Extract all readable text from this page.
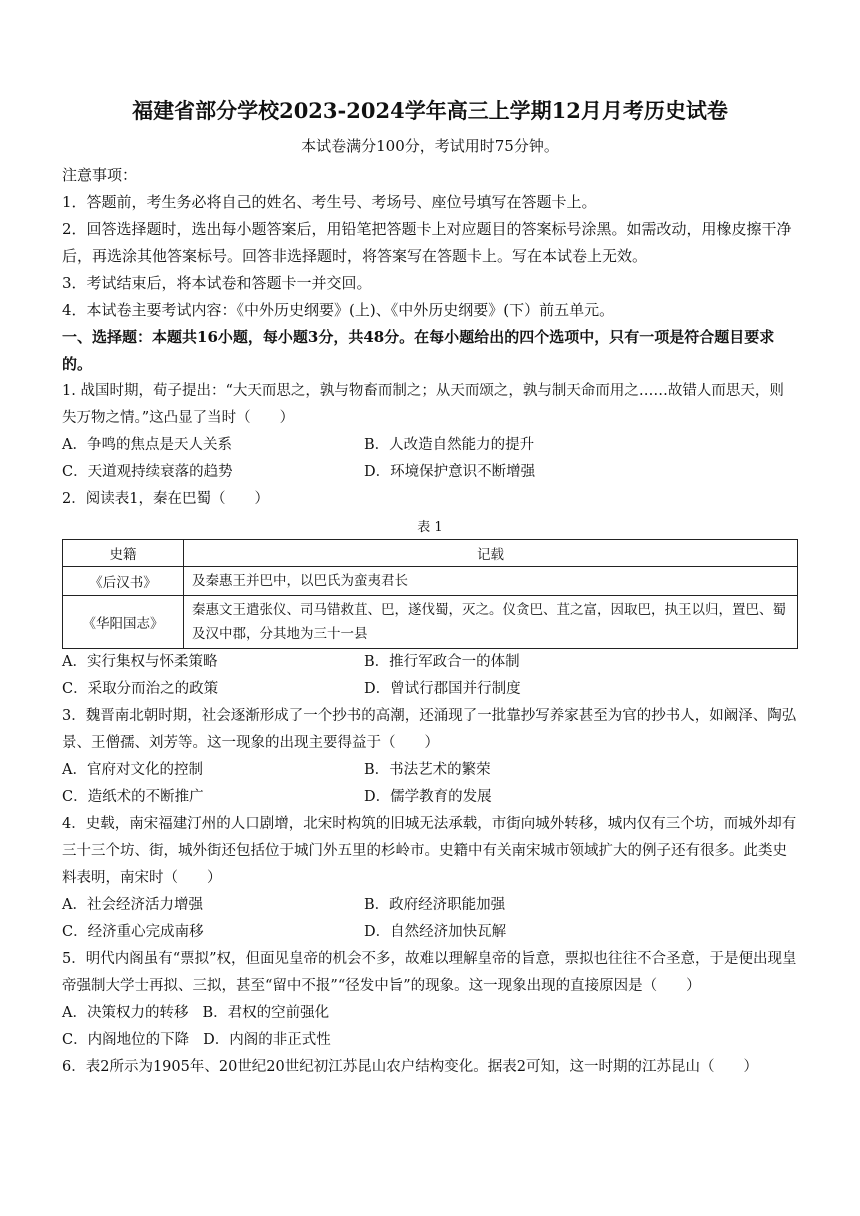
福建省部分学校2023-2024学年高三上学期12月月考历史试卷
本试卷满分100分，考试用时75分钟。

注意事项：

1．答题前，考生务必将自己的姓名、考生号、考场号、座位号填写在答题卡上。

2．回答选择题时，选出每小题答案后，用铅笔把答题卡上对应题目的答案标号涂黑。如需改动，用橡皮擦干净后，再选涂其他答案标号。回答非选择题时，将答案写在答题卡上。写在本试卷上无效。

3．考试结束后，将本试卷和答题卡一并交回。

4．本试卷主要考试内容：《中外历史纲要》(上)、《中外历史纲要》(下）前五单元。

一、选择题：本题共16小题，每小题3分，共48分。在每小题给出的四个选项中，只有一项是符合题目要求的。

1. 战国时期，荀子提出：“大天而思之，孰与物畜而制之；从天而颂之，孰与制天命而用之……故错人而思天，则失万物之情。”这凸显了当时（　　）

A．争鸣的焦点是天人关系	B．人改造自然能力的提升
C．天道观持续衰落的趋势	D．环境保护意识不断增强

2．阅读表1，秦在巴蜀（　　）

表 1
史籍	记载
《后汉书》	及秦惠王并巴中，以巴氏为蛮夷君长
《华阳国志》	秦惠文王遣张仪、司马错救苴、巴，遂伐蜀，灭之。仪贪巴、苴之富，因取巴，执王以归，置巴、蜀及汉中郡，分其地为三十一县
A．实行集权与怀柔策略	B．推行军政合一的体制
C．采取分而治之的政策	D．曾试行郡国并行制度

3．魏晋南北朝时期，社会逐渐形成了一个抄书的高潮，还涌现了一批靠抄写养家甚至为官的抄书人，如阚泽、陶弘景、王僧孺、刘芳等。这一现象的出现主要得益于（　　）

A．官府对文化的控制	B．书法艺术的繁荣
C．造纸术的不断推广	D．儒学教育的发展

4．史载，南宋福建汀州的人口剧增，北宋时构筑的旧城无法承载，市街向城外转移，城内仅有三个坊，而城外却有三十三个坊、街，城外街还包括位于城门外五里的杉岭市。史籍中有关南宋城市领域扩大的例子还有很多。此类史料表明，南宋时（　　）

A．社会经济活力增强	B．政府经济职能加强
C．经济重心完成南移	D．自然经济加快瓦解

5．明代内阁虽有“票拟”权，但面见皇帝的机会不多，故难以理解皇帝的旨意，票拟也往往不合圣意，于是便出现皇帝强制大学士再拟、三拟，甚至“留中不报”“径发中旨”的现象。这一现象出现的直接原因是（　　）

A．决策权力的转移 B．君权的空前强化
C．内阁地位的下降 D．内阁的非正式性

6．表2所示为1905年、20世纪20世纪初江苏昆山农户结构变化。据表2可知，这一时期的江苏昆山（　　）
